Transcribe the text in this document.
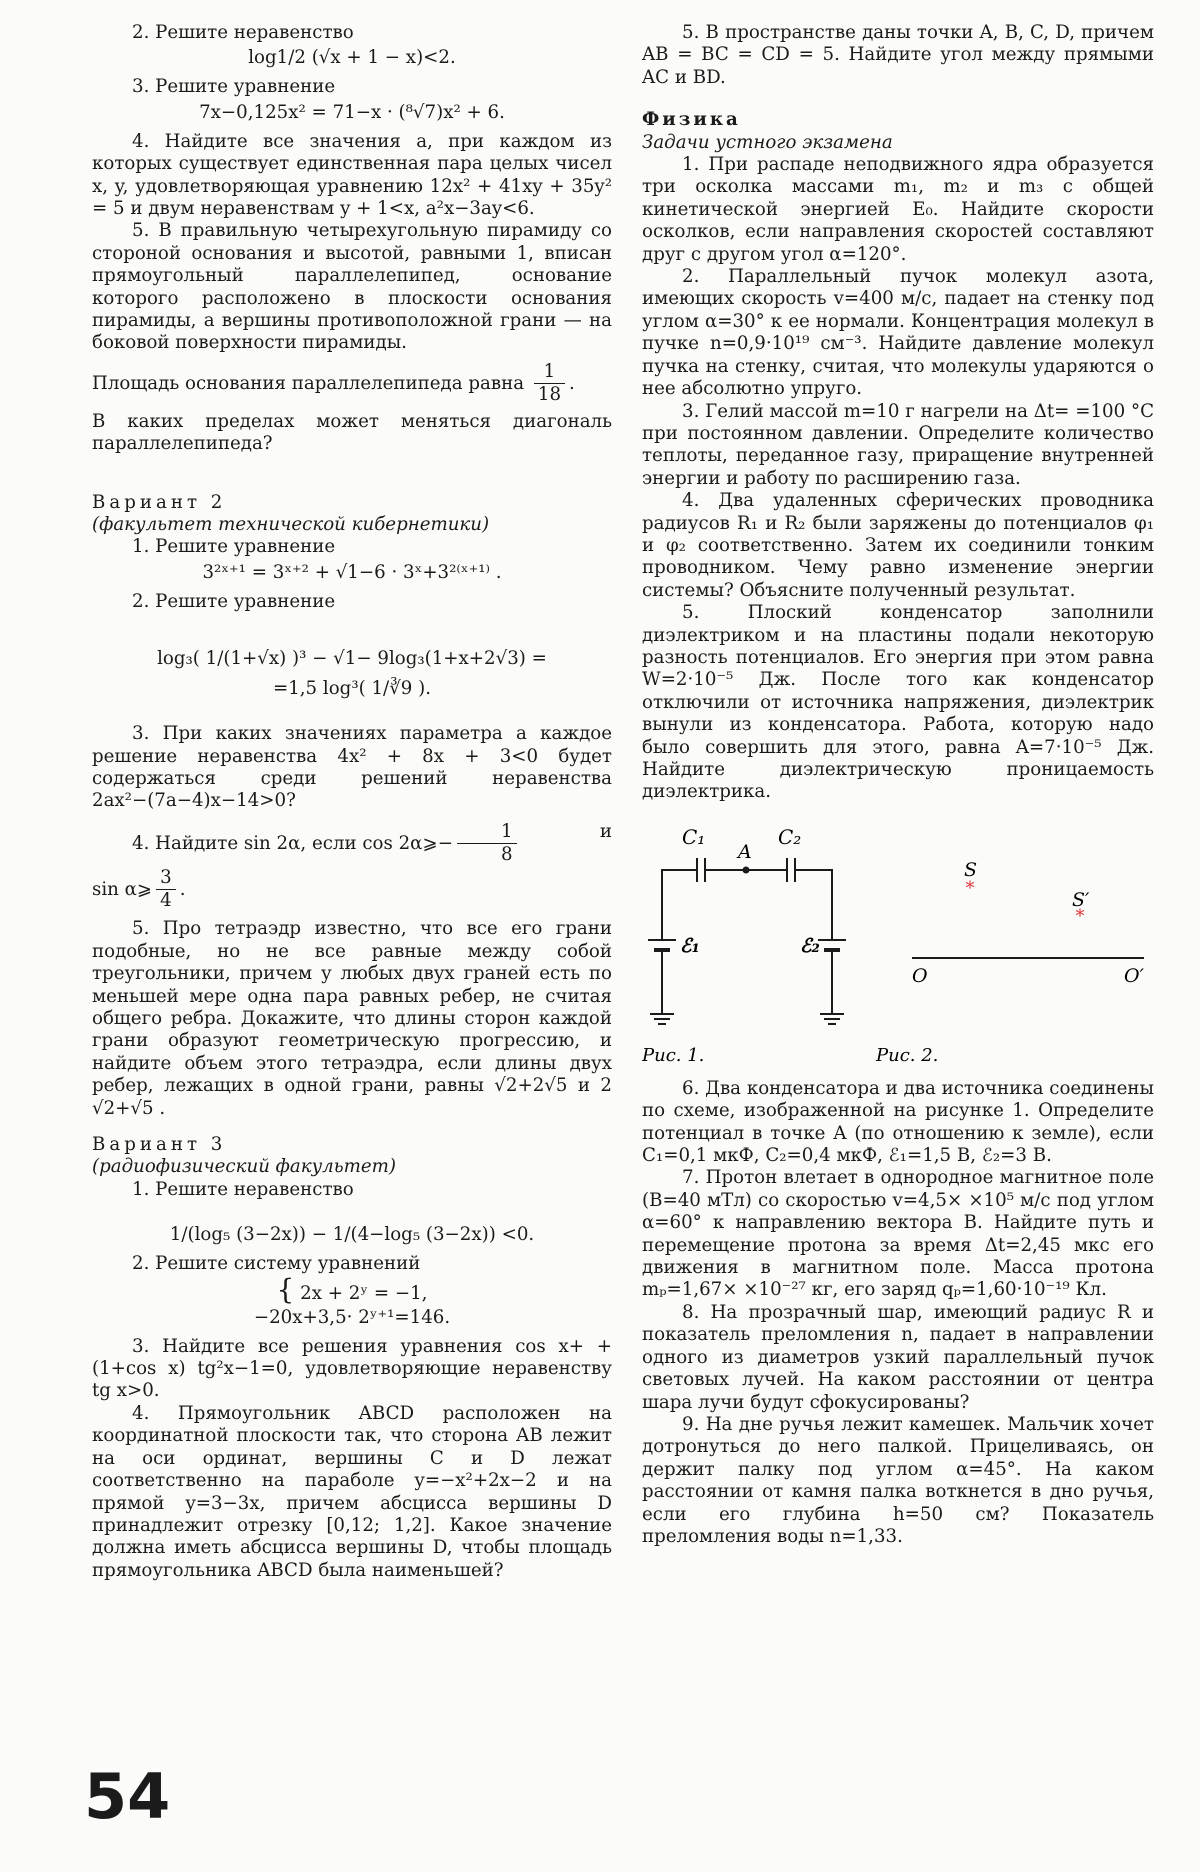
2. Решите неравенство

log1/2 (√x + 1 − x)<2.

3. Решите уравнение

7x−0,125x² = 71−x · (⁸√7)x² + 6.

4. Найдите все значения a, при каждом из которых существует единственная пара целых чисел x, y, удовлетворяющая уравнению 12x² + 41xy + 35y² = 5 и двум неравенствам y + 1<x, a²x−3ay<6.

5. В правильную четырехугольную пирамиду со стороной основания и высотой, равными 1, вписан прямоугольный параллелепипед, основание которого расположено в плоскости основания пирамиды, а вершины противоположной грани — на боковой поверхности пирамиды.

Площадь основания параллелепипеда равна $\frac{1}{18}$ .

В каких пределах может меняться диагональ параллелепипеда?

Вариант 2

(факультет технической кибернетики)

1. Решите уравнение

3²ˣ⁺¹ = 3ˣ⁺² + √1−6 · 3ˣ+3²⁽ˣ⁺¹⁾ .

2. Решите уравнение

log₃( 1/(1+√x) )³ − √1− 9log₃(1+x+2√3) =
=1,5 log³( 1/∛9 ).

3. При каких значениях параметра a каждое решение неравенства 4x² + 8x + 3<0 будет содержаться среди решений неравенства 2ax²−(7a−4)x−14>0?

4. Найдите sin 2α, если cos 2α⩾− $\frac{1}{8}$	и

sin α⩾ $\frac{3}{4}$ .

5. Про тетраэдр известно, что все его грани подобные, но не все равные между собой треугольники, причем у любых двух граней есть по меньшей мере одна пара равных ребер, не считая общего ребра. Докажите, что длины сторон каждой грани образуют геометрическую прогрессию, и найдите объем этого тетраэдра, если длины двух ребер, лежащих в одной грани, равны √2+2√5 и 2 √2+√5 .

Вариант 3

(радиофизический факультет)

1. Решите неравенство

1/(log₅ (3−2x)) − 1/(4−log₅ (3−2x)) <0.

2. Решите систему уравнений

{ 2x + 2ʸ = −1,
−20x+3,5· 2ʸ⁺¹=146.

3. Найдите все решения уравнения cos x+ + (1+cos x) tg²x−1=0, удовлетворяющие неравенству tg x>0.

4. Прямоугольник ABCD расположен на координатной плоскости так, что сторона AB лежит на оси ординат, вершины C и D лежат соответственно на параболе y=−x²+2x−2 и на прямой y=3−3x, причем абсцисса вершины D принадлежит отрезку [0,12; 1,2]. Какое значение должна иметь абсцисса вершины D, чтобы площадь прямоугольника ABCD была наименьшей?

5. В пространстве даны точки A, B, C, D, причем AB = BC = CD = 5. Найдите угол между прямыми AC и BD.

Физика

Задачи устного экзамена

1. При распаде неподвижного ядра образуется три осколка массами m₁, m₂ и m₃ с общей кинетической энергией E₀. Найдите скорости осколков, если направления скоростей составляют друг с другом угол α=120°.

2. Параллельный пучок молекул азота, имеющих скорость v=400 м/с, падает на стенку под углом α=30° к ее нормали. Концентрация молекул в пучке n=0,9·10¹⁹ см⁻³. Найдите давление молекул пучка на стенку, считая, что молекулы ударяются о нее абсолютно упруго.

3. Гелий массой m=10 г нагрели на Δt= =100 °С при постоянном давлении. Определите количество теплоты, переданное газу, приращение внутренней энергии и работу по расширению газа.

4. Два удаленных сферических проводника радиусов R₁ и R₂ были заряжены до потенциалов φ₁ и φ₂ соответственно. Затем их соединили тонким проводником. Чему равно изменение энергии системы? Объясните полученный результат.

5. Плоский конденсатор заполнили диэлектриком и на пластины подали некоторую разность потенциалов. Его энергия при этом равна W=2·10⁻⁵ Дж. После того как конденсатор отключили от источника напряжения, диэлектрик вынули из конденсатора. Работа, которую надо было совершить для этого, равна A=7·10⁻⁵ Дж. Найдите диэлектрическую проницаемость диэлектрика.

C₁	C₂
A
ℰ₁	ℰ₂
*
*
S
S′
O	O′
Рис. 1.	Рис. 2.

6. Два конденсатора и два источника соединены по схеме, изображенной на рисунке 1. Определите потенциал в точке A (по отношению к земле), если C₁=0,1 мкФ, C₂=0,4 мкФ, ℰ₁=1,5 В, ℰ₂=3 В.

7. Протон влетает в однородное магнитное поле (B=40 мТл) со скоростью v=4,5× ×10⁵ м/с под углом α=60° к направлению вектора B. Найдите путь и перемещение протона за время Δt=2,45 мкс его движения в магнитном поле. Масса протона mₚ=1,67× ×10⁻²⁷ кг, его заряд qₚ=1,60·10⁻¹⁹ Кл.

8. На прозрачный шар, имеющий радиус R и показатель преломления n, падает в направлении одного из диаметров узкий параллельный пучок световых лучей. На каком расстоянии от центра шара лучи будут сфокусированы?

9. На дне ручья лежит камешек. Мальчик хочет дотронуться до него палкой. Прицеливаясь, он держит палку под углом α=45°. На каком расстоянии от камня палка воткнется в дно ручья, если его глубина h=50 см? Показатель преломления воды n=1,33.

54
